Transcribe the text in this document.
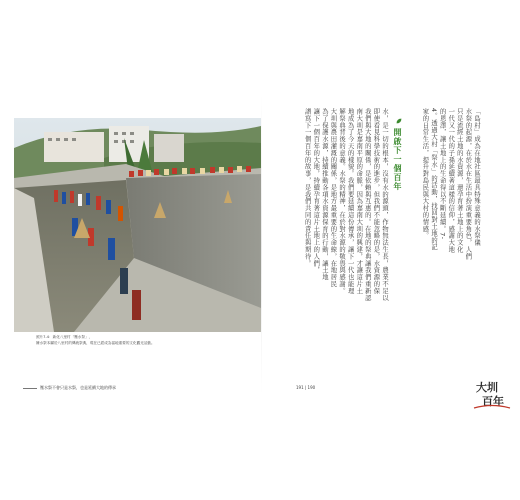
照片7-4：新化八里村「壓水祭」，
擁水祭本屬於八里村的傳統祭典，現在已經成為當地重要的文化觀光活動。
壓水祭不會只是水祭，也是延續大地的傳承
「島村」成為在地社區最具特殊意義的水祭儀
水祭的起源，在於水在生活中扮演重要角色，人們
只是流經土地的水資源，還孕育著土地上的文化
一代又一代的子孫延續著這樣的信仰，感謝大地
的恩澤，讓土地上的生命得以不斷延續。7-
4。透過大村「祭水」的活動，找回對土地的記
家的日常生活，提升對島民與大村的情感。
開啟下一個百年
水，是一切的根本，沒有水的源頭，作物無法生長，農業不足以
即使看見科學技術的進步，但我們不能忽略的是，水資源的保
我們與大地的關係，是依賴與互惠的。在地的祭典讓我們重新認
南大圳是嘉南平原的命脈，因為嘉南大圳的興建，才讓這片土
地成為了今天的樣貌。我們要延續這份傳承，讓下一代也能理
解祭典背後的意義。水祭的精神，在於對水源的敬畏與感謝。
大圳與農田灌溉的關係，是地方最重要的生命線，在地居民
為了保護水源，持續推動各項水資源保育的行動，讓土地
讓下一個百年的大地，持續孕育著這片土地上的人們，
譜寫下一個百年的故事，是我們共同的責任與期待。
191 | 190	大圳
百年
